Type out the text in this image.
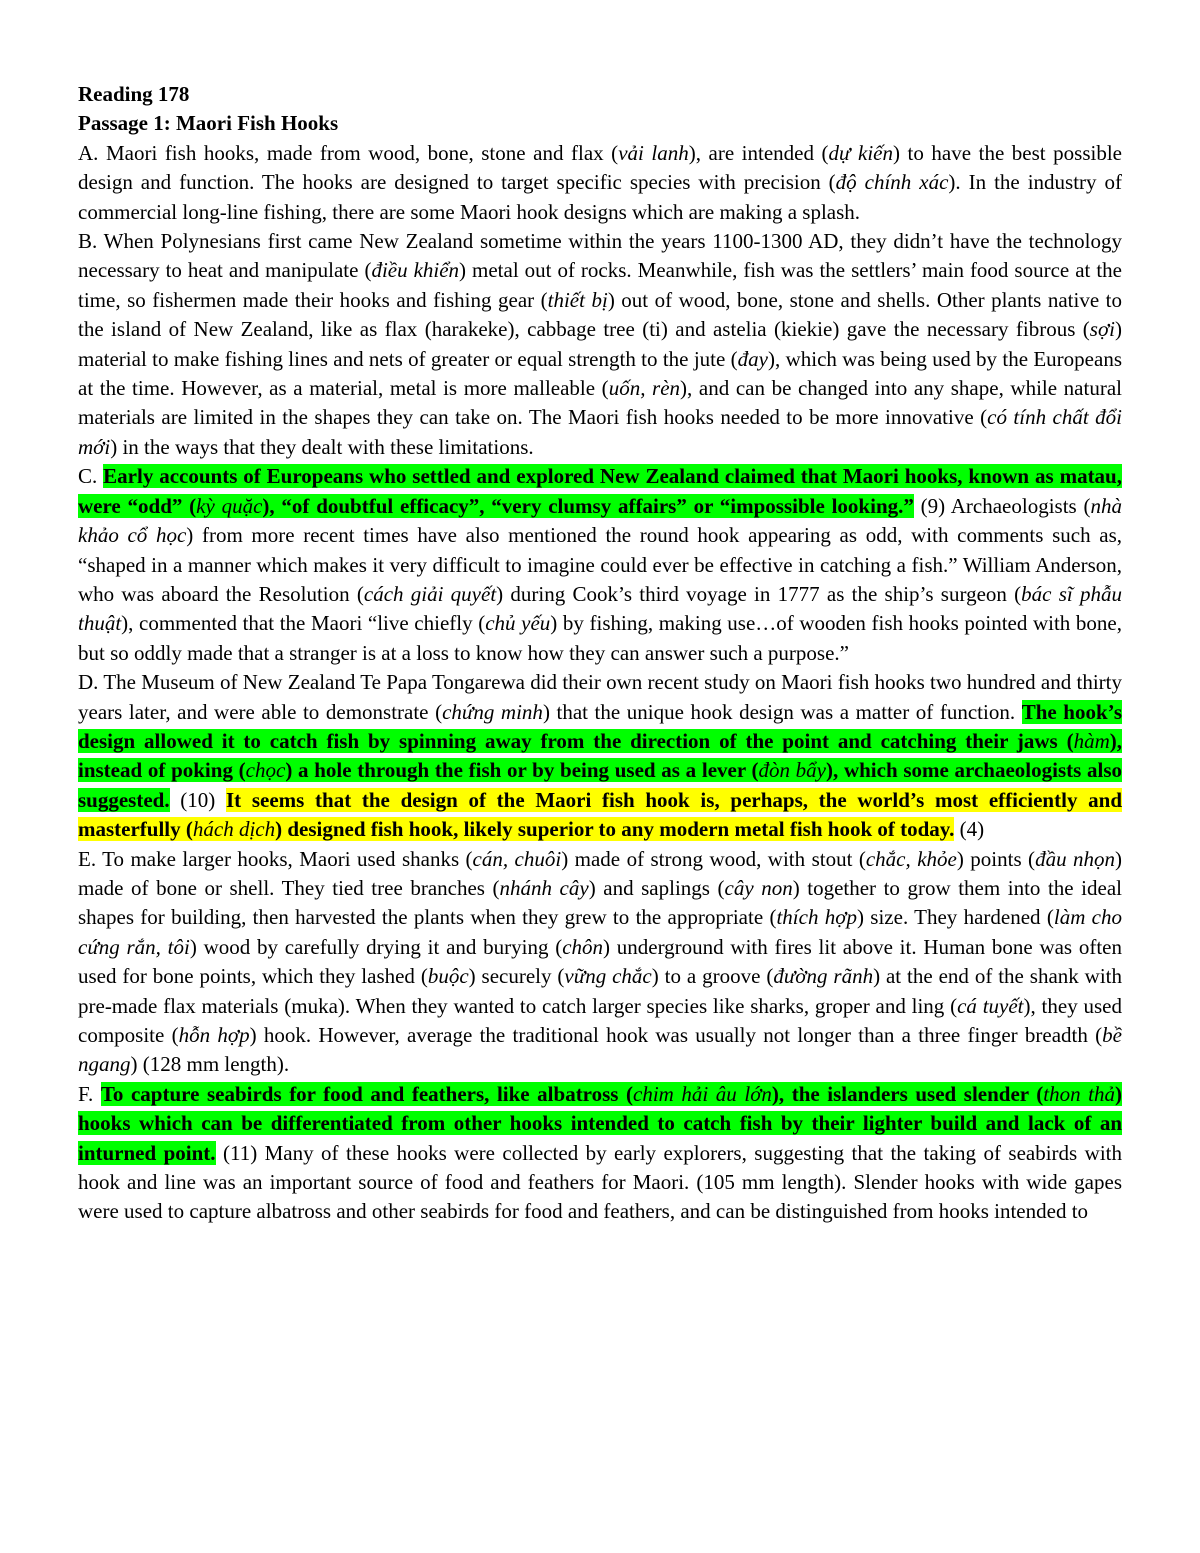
Reading 178

Passage 1: Maori Fish Hooks

A. Maori fish hooks, made from wood, bone, stone and flax (vải lanh), are intended (dự kiến) to have the best possible design and function. The hooks are designed to target specific species with precision (độ chính xác). In the industry of commercial long-line fishing, there are some Maori hook designs which are making a splash.

B. When Polynesians first came New Zealand sometime within the years 1100-1300 AD, they didn’t have the technology necessary to heat and manipulate (điều khiển) metal out of rocks. Meanwhile, fish was the settlers’ main food source at the time, so fishermen made their hooks and fishing gear (thiết bị) out of wood, bone, stone and shells. Other plants native to the island of New Zealand, like as flax (harakeke), cabbage tree (ti) and astelia (kiekie) gave the necessary fibrous (sợi) material to make fishing lines and nets of greater or equal strength to the jute (đay), which was being used by the Europeans at the time. However, as a material, metal is more malleable (uốn, rèn), and can be changed into any shape, while natural materials are limited in the shapes they can take on. The Maori fish hooks needed to be more innovative (có tính chất đổi mới) in the ways that they dealt with these limitations.

C. Early accounts of Europeans who settled and explored New Zealand claimed that Maori hooks, known as matau, were “odd” (kỳ quặc), “of doubtful efficacy”, “very clumsy affairs” or “impossible looking.” (9) Archaeologists (nhà khảo cổ học) from more recent times have also mentioned the round hook appearing as odd, with comments such as, “shaped in a manner which makes it very difficult to imagine could ever be effective in catching a fish.” William Anderson, who was aboard the Resolution (cách giải quyết) during Cook’s third voyage in 1777 as the ship’s surgeon (bác sĩ phẫu thuật), commented that the Maori “live chiefly (chủ yếu) by fishing, making use…of wooden fish hooks pointed with bone, but so oddly made that a stranger is at a loss to know how they can answer such a purpose.”

D. The Museum of New Zealand Te Papa Tongarewa did their own recent study on Maori fish hooks two hundred and thirty years later, and were able to demonstrate (chứng minh) that the unique hook design was a matter of function. The hook’s design allowed it to catch fish by spinning away from the direction of the point and catching their jaws (hàm), instead of poking (chọc) a hole through the fish or by being used as a lever (đòn bẩy), which some archaeologists also suggested. (10) It seems that the design of the Maori fish hook is, perhaps, the world’s most efficiently and masterfully (hách dịch) designed fish hook, likely superior to any modern metal fish hook of today. (4)

E. To make larger hooks, Maori used shanks (cán, chuôi) made of strong wood, with stout (chắc, khỏe) points (đầu nhọn) made of bone or shell. They tied tree branches (nhánh cây) and saplings (cây non) together to grow them into the ideal shapes for building, then harvested the plants when they grew to the appropriate (thích hợp) size. They hardened (làm cho cứng rắn, tôi) wood by carefully drying it and burying (chôn) underground with fires lit above it. Human bone was often used for bone points, which they lashed (buộc) securely (vững chắc) to a groove (đường rãnh) at the end of the shank with pre-made flax materials (muka). When they wanted to catch larger species like sharks, groper and ling (cá tuyết), they used composite (hỗn hợp) hook. However, average the traditional hook was usually not longer than a three finger breadth (bề ngang) (128 mm length).

F. To capture seabirds for food and feathers, like albatross (chim hải âu lớn), the islanders used slender (thon thả) hooks which can be differentiated from other hooks intended to catch fish by their lighter build and lack of an inturned point. (11) Many of these hooks were collected by early explorers, suggesting that the taking of seabirds with hook and line was an important source of food and feathers for Maori. (105 mm length). Slender hooks with wide gapes were used to capture albatross and other seabirds for food and feathers, and can be distinguished from hooks intended to
